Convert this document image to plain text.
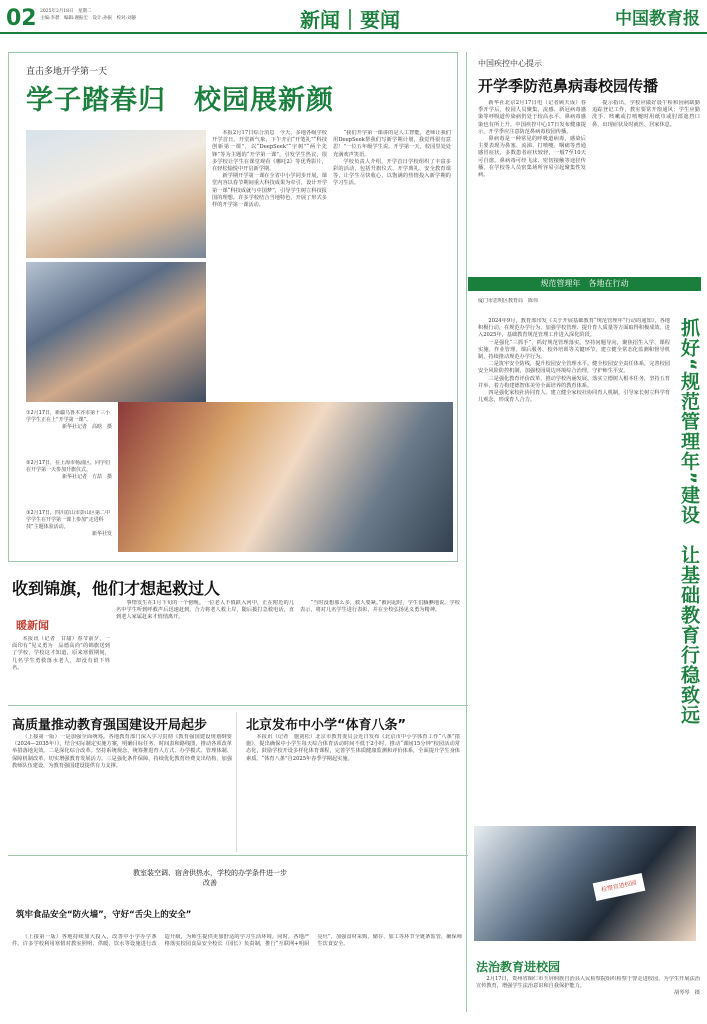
02 2025年2月18日　星期二
主编:李碧　编辑:谢振宏　设计:孙振　校对:刘静	新闻｜要闻	中国教育报
直击多地开学第一天
学子踏春归　校园展新颜

本报2月17日综合消息　今天，多地各级学校开学首日。开堂新气象，下午开启“开笔礼”“科技创新第一课”，以“DeepSeek”“宇树”“两个先锋”等为主题的“开学第一课”，引发学生热议，很多学校让学生在课堂观看《哪吒2》等优秀影片，在轻松愉悦中开启新学期。

新学期开学第一课在全省中小学同步开展，课堂内容以春节期间重大科技成果为牵引，设计开学第一课“科技成就与中国梦”，引导学生树立科技报国的理想。许多学校结合当地特色，开展了形式多样的开学第一课活动。

“我们开学第一课讲的是人工智能，老师让我们用DeepSeek帮我们写新学期计划，我觉得很有意思！”一位五年级学生说。开学第一天，校园里处处充满欢声笑语。

学校负责人介绍，开学首日学校组织了丰富多彩的活动，包括升旗仪式、开学典礼、安全教育课等，让学生尽快收心，以饱满的热情投入新学期的学习生活。

①2月17日，新疆乌鲁木齐市第十三小学学生正在上“开学第一课”。
新华社记者　高晗　摄
②2月17日，在上海市杨浦区，同学们在开学第一天参加升旗仪式。
新华社记者　方喆　摄
③2月17日，四川眉山市彭山区第二中学学生在开学第一课上参加“走进科技”主题体验活动。
新华社发
中国疾控中心提示
开学季防范鼻病毒校园传播

新华社北京2月17日电（记者顾天成）春季开学后，校园人员聚集，流感、新冠病毒感染等呼吸道传染病仍处于较高水平，鼻病毒感染也有所上升。中国疾控中心17日发布健康提示，开学季应注意防范鼻病毒校园传播。

鼻病毒是一种常见的呼吸道病毒，感染后主要表现为鼻塞、流涕、打喷嚏、咽痛等普通感冒症状，多数患者症状较轻，一般7至10天可自愈。鼻病毒可经飞沫、密切接触等途径传播，在学校等人员密集场所容易引起聚集性发病。

提示指出，学校应做好晨午检和因病缺勤追踪登记工作，教室要常开窗通风；学生应勤洗手、咳嗽或打喷嚏时用纸巾或肘部遮挡口鼻，出现症状及时就医、居家休息。

规范管理年　各地在行动
厦门市思明区教育局　陈伟

2024年9月，教育部印发《关于开展基础教育“规范管理年”行动的通知》，各地积极行动，在规范办学行为、加强学校管理、提升育人质量等方面取得积极成效。进入2025年，基础教育规范管理工作进入深化阶段。

一是强化“三抓手”，抓好规范管理落实。坚持问题导向，聚焦招生入学、课程实施、作业管理、课后服务、校外培训等关键环节，建立健全常态化监测和督导机制，持续推动规范办学行为。

二是筑牢安全防线，提升校园安全管理水平。健全校园安全责任体系，完善校园安全风险防控机制，加强校园周边环境综合治理，守护师生平安。

三是强化教育评价改革，推动学校内涵发展。落实立德树人根本任务，坚持五育并举，着力构建德智体美劳全面培养的教育体系。

四是强化家校社协同育人。建立健全家校社协同育人机制，引导家长树立科学育儿观念，形成育人合力。	抓好“规范管理年”建设　让基础教育行稳致远
检察官进校园
法治教育进校园

2月17日，贵州省铜仁市玉屏侗族自治县人民检察院组织检察干警走进校园，为学生开展法治宣传教育，增强学生法治意识和自我保护能力。

胡琴琴　摄
收到锦旗，他们才想起救过人
暖新闻

本报讯（记者　甘甜）春节前夕，一面印有“见义勇为　品德高尚”的锦旗送到了学校，学校这才知道，原来寒假期间，几名学生勇救落水老人，却没有留下姓名。

事情发生在1月下旬的一个傍晚。一位老人不慎跌入河中，正在附近的几名中学生听到呼救声后迅速赶到，合力将老人救上岸，随后拨打急救电话，直到老人家属赶来才悄悄离开。

“当时没想那么多，救人要紧。”被问起时，学生们腼腆地说。学校表示，将对几名学生进行表彰，并在全校弘扬见义勇为精神。

高质量推动教育强国建设开局起步

（上接第一版）一是加强全面统筹。各地教育部门深入学习贯彻《教育强国建设规划纲要（2024—2035年）》，结合实际制定实施方案，明确目标任务、时间表和路线图，推动各项改革举措落地见效。二是深化综合改革。坚持系统观念，统筹推进育人方式、办学模式、管理体制、保障机制改革，切实增强教育发展活力。三是强化条件保障，持续优化教育经费支出结构，加强教师队伍建设，为教育强国建设提供有力支撑。

北京发布中小学“体育八条”

本报讯（记者　施剑松）北京市教育委员会近日发布《北京市中小学体育工作“八条”措施》，提出确保中小学生每天综合体育活动时间不低于2小时，推动“课间15分钟”校园活动常态化，鼓励学校开设多样化体育课程，完善学生体质健康监测和评价体系，全面提升学生身体素质。“体育八条”自2025年春季学期起实施。

教室装空调、宿舍供热水，学校的办学条件进一步改善
筑牢食品安全“防火墙”，守好“舌尖上的安全”

（上接第一版）各地持续加大投入，改善中小学办学条件。许多学校利用寒假对教室照明、供暖、饮水等设施进行改造升级，为师生提供更加舒适的学习生活环境。同时，各地严格落实校园食品安全校长（园长）负责制，推行“互联网+明厨亮灶”，加强食材采购、储存、加工等环节全链条监管，确保师生饮食安全。
